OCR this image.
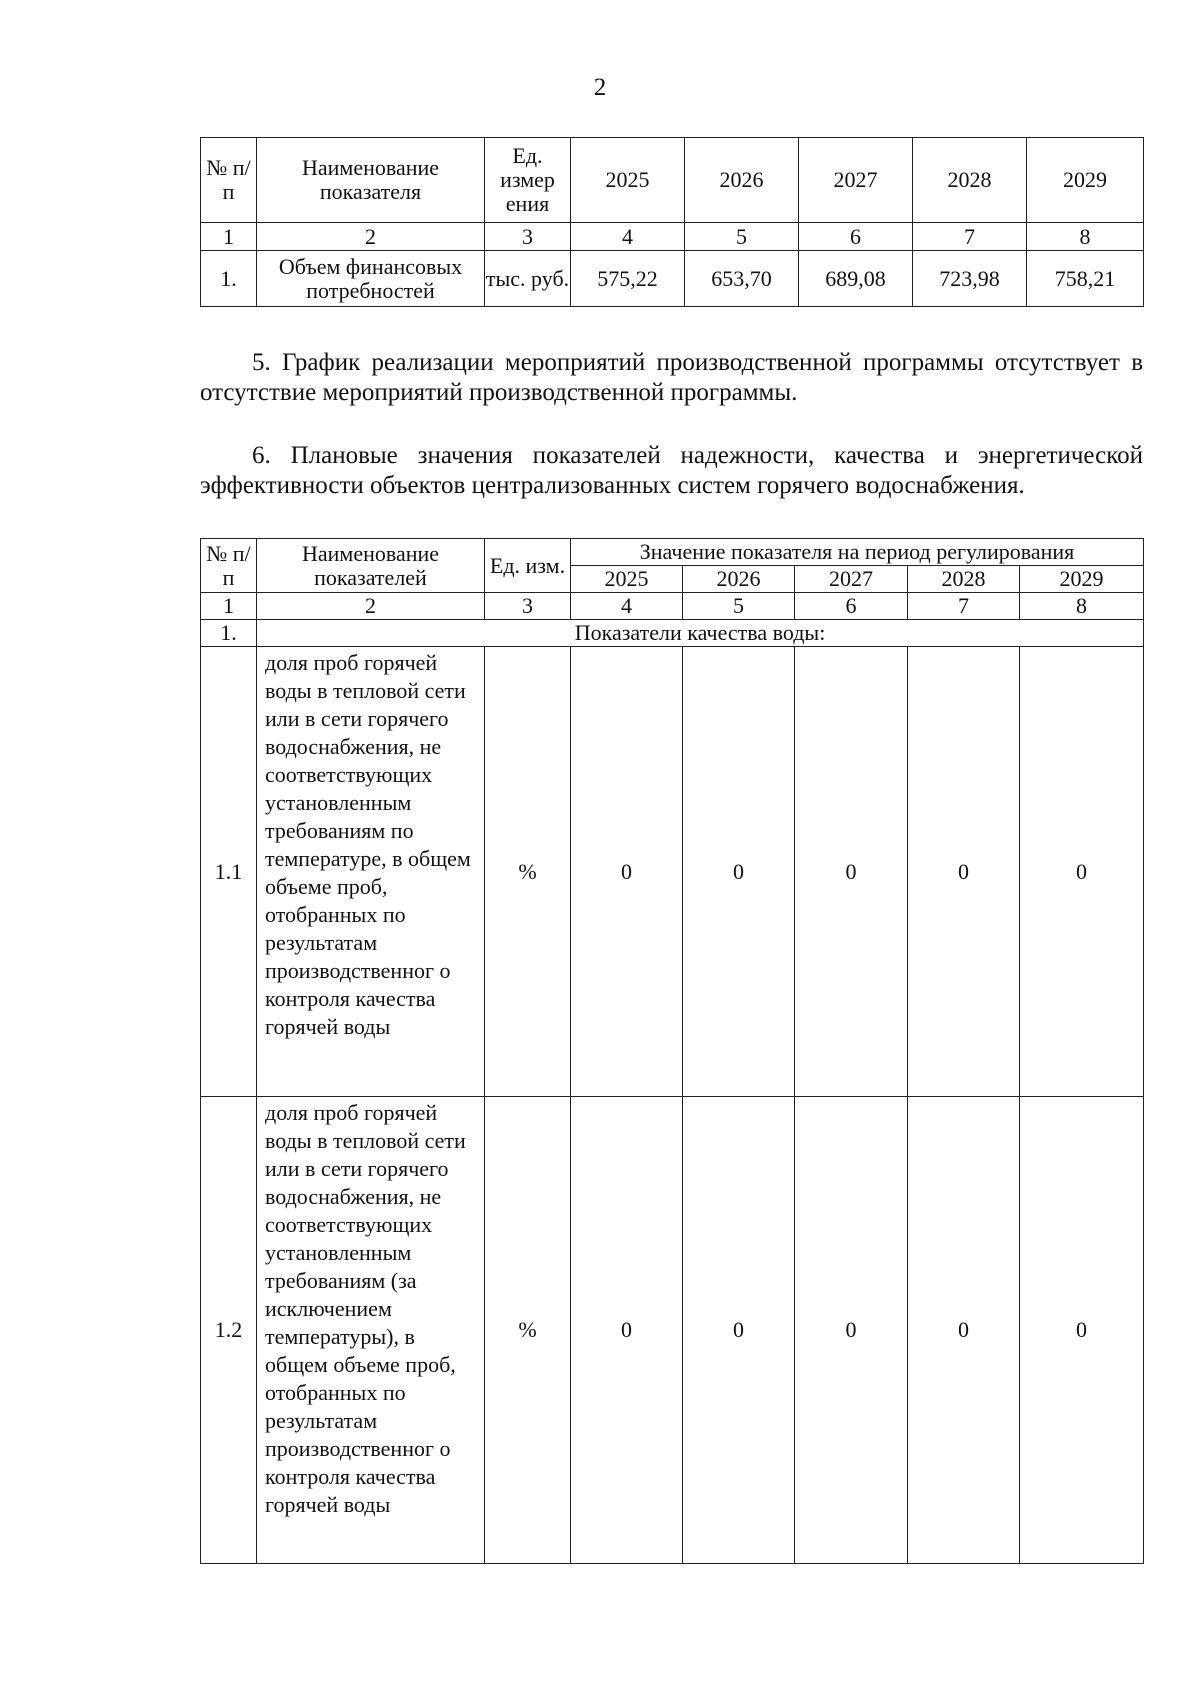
2
№ п/п	Наименование показателя	Ед. измер ения	2025	2026	2027	2028	2029
1	2	3	4	5	6	7	8
1.	Объем финансовых потребностей	тыс. руб.	575,22	653,70	689,08	723,98	758,21
5. График реализации мероприятий производственной программы отсутствует в отсутствие мероприятий производственной программы.
6. Плановые значения показателей надежности, качества и энергетической эффективности объектов централизованных систем горячего водоснабжения.
№ п/п	Наименование показателей	Ед. изм.	Значение показателя на период регулирования				
			2025	2026	2027	2028	2029
1	2	3	4	5	6	7	8
1.	Показатели качества воды:						
1.1	доля проб горячей воды в тепловой сети или в сети горячего водоснабжения, не соответствующих установленным требованиям по температуре, в общем объеме проб, отобранных по результатам производственног о контроля качества горячей воды	%	0	0	0	0	0
1.2	доля проб горячей воды в тепловой сети или в сети горячего водоснабжения, не соответствующих установленным требованиям (за исключением температуры), в общем объеме проб, отобранных по результатам производственног о контроля качества горячей воды	%	0	0	0	0	0
